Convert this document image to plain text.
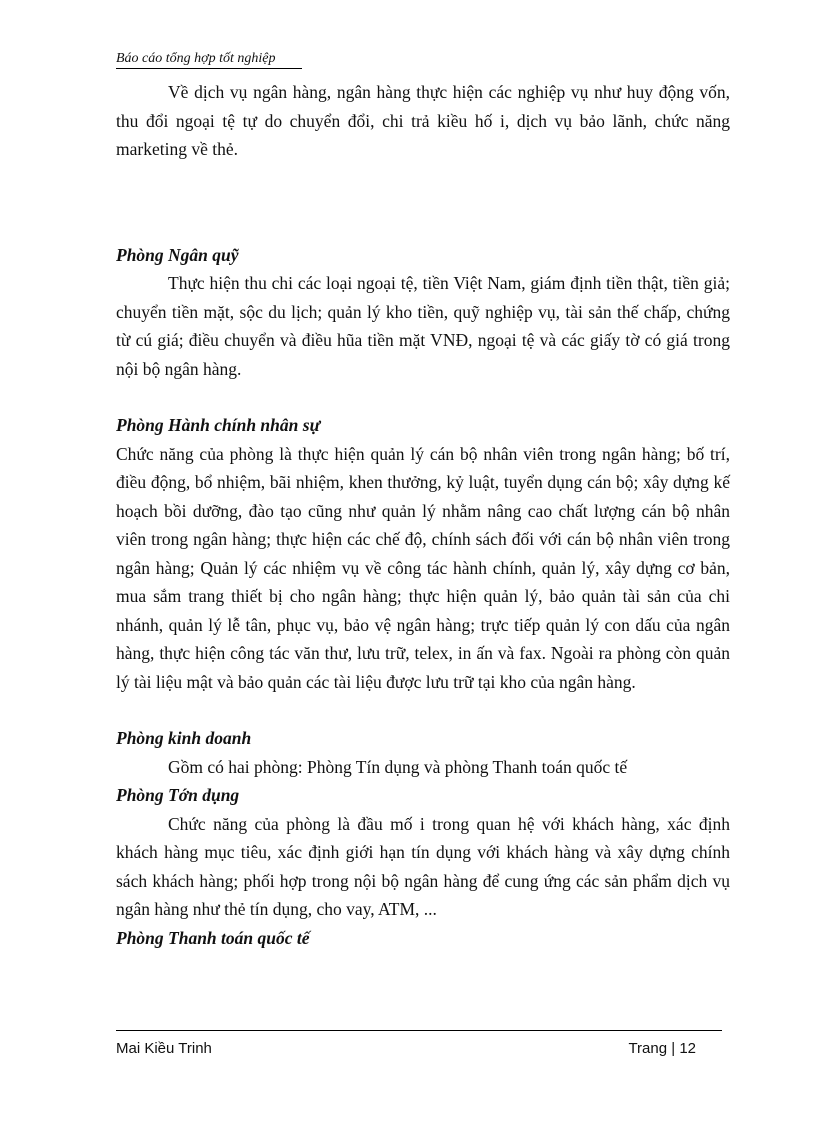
Báo cáo tổng hợp tốt nghiệp

Về dịch vụ ngân hàng, ngân hàng thực hiện các nghiệp vụ như huy động vốn, thu đổi ngoại tệ tự do chuyển đổi, chi trả kiều hố i, dịch vụ bảo lãnh, chức năng marketing về thẻ.

Phòng Ngân quỹ

Thực hiện thu chi các loại ngoại tệ, tiền Việt Nam, giám định tiền thật, tiền giả; chuyển tiền mặt, sộc du lịch; quản lý kho tiền, quỹ nghiệp vụ, tài sản thế chấp, chứng từ cú giá; điều chuyển và điều hũa tiền mặt VNĐ, ngoại tệ và các giấy tờ có giá trong nội bộ ngân hàng.

Phòng Hành chính nhân sự

Chức năng của phòng là thực hiện quản lý cán bộ nhân viên trong ngân hàng; bố trí, điều động, bổ nhiệm, bãi nhiệm, khen thưởng, kỷ luật, tuyển dụng cán bộ; xây dựng kế hoạch bồi dưỡng, đào tạo cũng như quản lý nhằm nâng cao chất lượng cán bộ nhân viên trong ngân hàng; thực hiện các chế độ, chính sách đối với cán bộ nhân viên trong ngân hàng; Quản lý các nhiệm vụ về công tác hành chính, quản lý, xây dựng cơ bản, mua sắm trang thiết bị cho ngân hàng; thực hiện quản lý, bảo quản tài sản của chi nhánh, quản lý lễ tân, phục vụ, bảo vệ ngân hàng; trực tiếp quản lý con dấu của ngân hàng, thực hiện công tác văn thư, lưu trữ, telex, in ấn và fax. Ngoài ra phòng còn quản lý tài liệu mật và bảo quản các tài liệu được lưu trữ tại kho của ngân hàng.

Phòng kinh doanh

Gồm có hai phòng: Phòng Tín dụng và phòng Thanh toán quốc tế

Phòng Tớn dụng

Chức năng của phòng là đầu mố i trong quan hệ với khách hàng, xác định khách hàng mục tiêu, xác định giới hạn tín dụng với khách hàng và xây dựng chính sách khách hàng; phối hợp trong nội bộ ngân hàng để cung ứng các sản phẩm dịch vụ ngân hàng như thẻ tín dụng, cho vay, ATM, ...

Phòng Thanh toán quốc tế

Mai Kiều Trinh	Trang | 12
